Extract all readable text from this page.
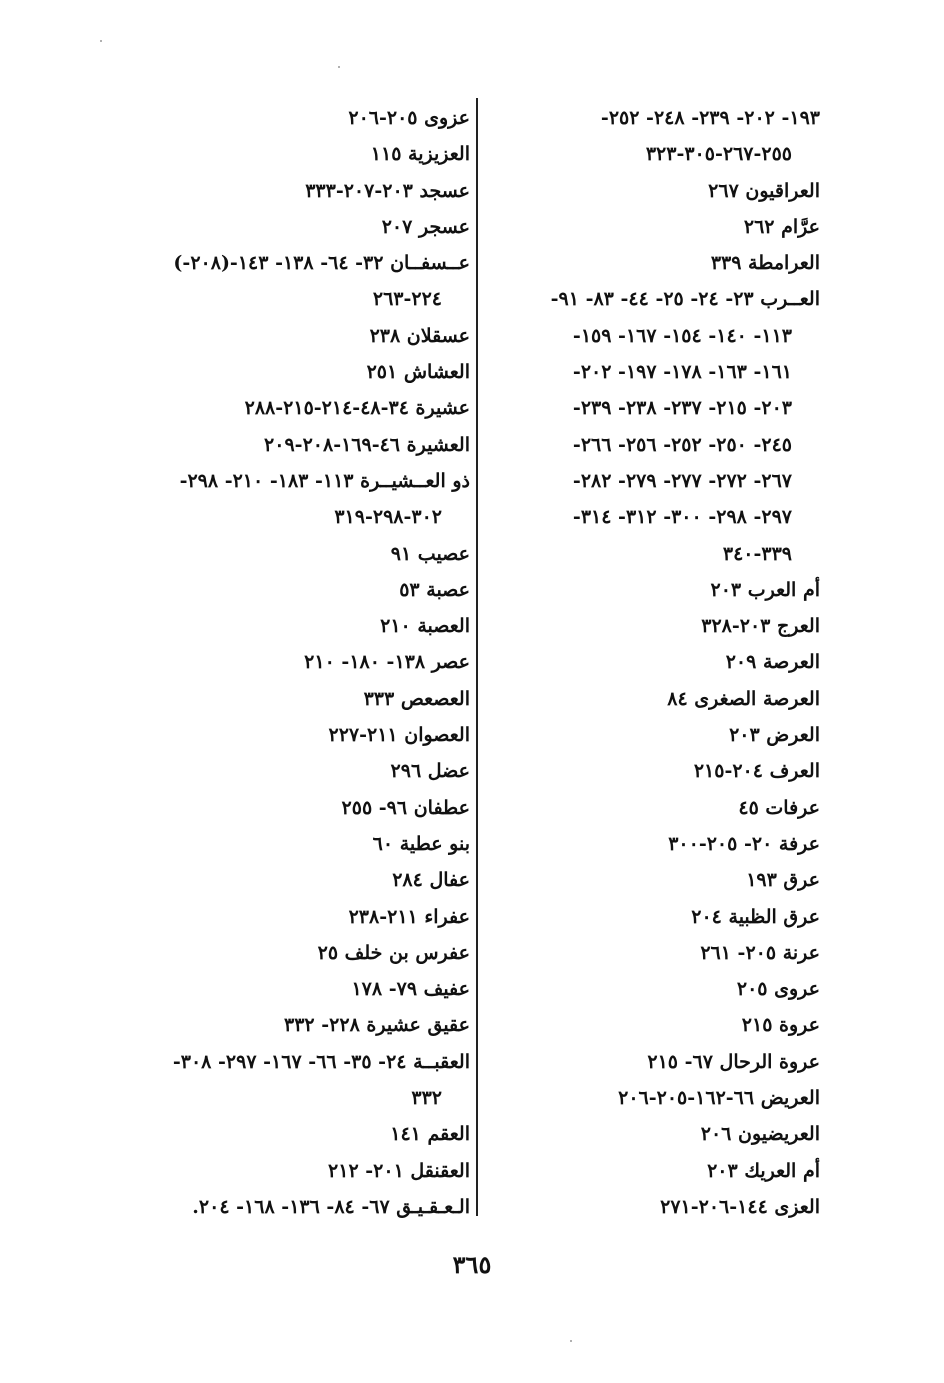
١٩٣- ٢٠٢- ٢٣٩- ٢٤٨- ٢٥٢-
٢٥٥-٢٦٧-٣٠٥-٣٢٣
العراقيون ٢٦٧
عرَّام ٢٦٢
العرامطة ٣٣٩
العــرب ٢٣- ٢٤- ٢٥- ٤٤- ٨٣- ٩١-
١١٣- ١٤٠- ١٥٤- ١٦٧- ١٥٩-
١٦١- ١٦٣- ١٧٨- ١٩٧- ٢٠٢-
٢٠٣- ٢١٥- ٢٣٧- ٢٣٨- ٢٣٩-
٢٤٥- ٢٥٠- ٢٥٢- ٢٥٦- ٢٦٦-
٢٦٧- ٢٧٢- ٢٧٧- ٢٧٩- ٢٨٢-
٢٩٧- ٢٩٨- ٣٠٠- ٣١٢- ٣١٤-
٣٣٩-٣٤٠
أم العرب ٢٠٣
العرج ٢٠٣-٣٢٨
العرصة ٢٠٩
العرصة الصغرى ٨٤
العرض ٢٠٣
العرف ٢٠٤-٢١٥
عرفات ٤٥
عرفة ٢٠- ٢٠٥-٣٠٠
عرق ١٩٣
عرق الظبية ٢٠٤
عرنة ٢٠٥- ٢٦١
عروى ٢٠٥
عروة ٢١٥
عروة الرحال ٦٧- ٢١٥
العريض ٦٦-١٦٢-٢٠٥-٢٠٦
العريضيون ٢٠٦
أم العريك ٢٠٣
العزى ١٤٤-٢٠٦-٢٧١
عزوى ٢٠٥-٢٠٦
العزيزية ١١٥
عسجد ٢٠٣-٢٠٧-٣٣٣
عسجر ٢٠٧
عــسفــان ٣٢- ٦٤- ١٣٨- ١٤٣-(٢٠٨-)
٢٢٤-٢٦٣
عسقلان ٢٣٨
العشاش ٢٥١
عشيرة ٣٤-٤٨-٢١٤-٢١٥-٢٨٨
العشيرة ٤٦-١٦٩-٢٠٨-٢٠٩
ذو العــشيــرة ١١٣- ١٨٣- ٢١٠- ٢٩٨-
٣٠٢-٢٩٨-٣١٩
عصيب ٩١
عصبة ٥٣
العصبة ٢١٠
عصر ١٣٨- ١٨٠- ٢١٠
العصعص ٣٣٣
العصوان ٢١١-٢٢٧
عضل ٢٩٦
عطفان ٩٦- ٢٥٥
بنو عطية ٦٠
عفال ٢٨٤
عفراء ٢١١-٢٣٨
عفرس بن خلف ٢٥
عفيف ٧٩- ١٧٨
عقيق عشيرة ٢٢٨- ٣٣٢
العقبــة ٢٤- ٣٥- ٦٦- ١٦٧- ٢٩٧- ٣٠٨-
٣٣٢
العقم ١٤١
العقنقل ٢٠١- ٢١٢
الـعـقـيـق ٦٧- ٨٤- ١٣٦- ١٦٨- ٢٠٤.
٣٦٥
